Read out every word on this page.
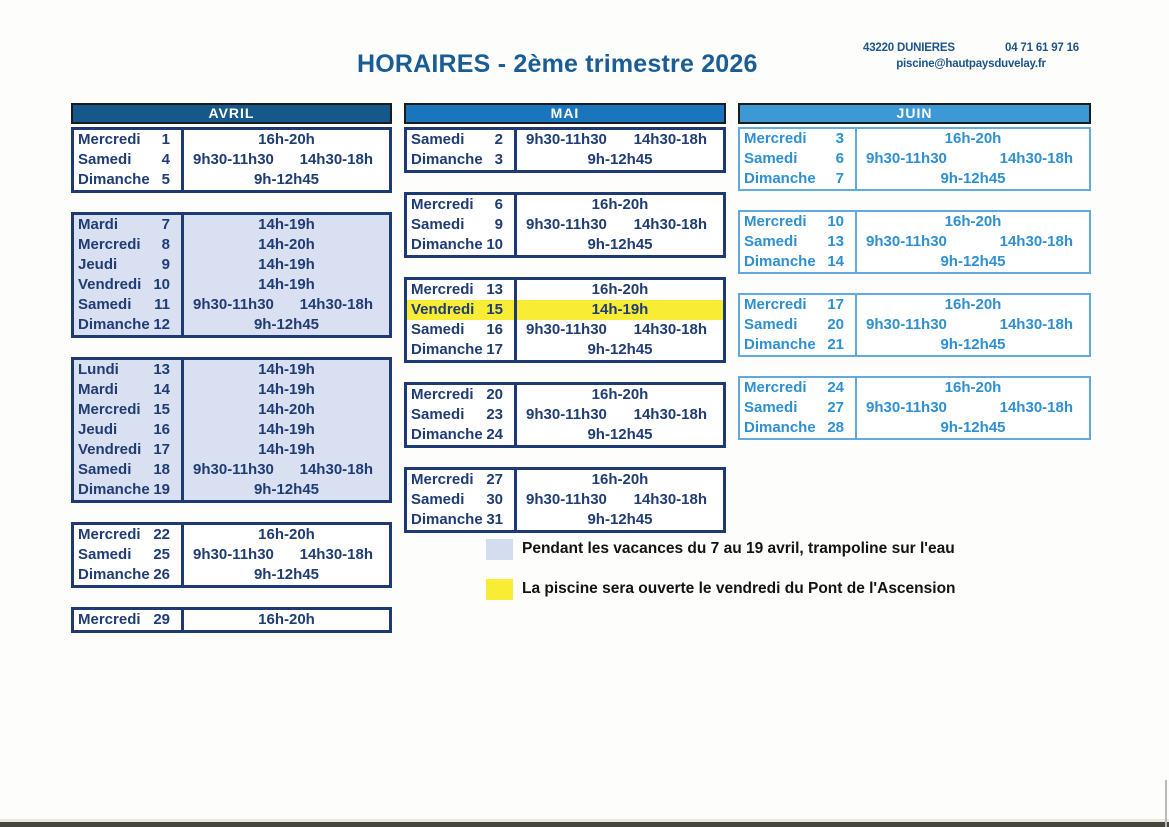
HORAIRES - 2ème trimestre 2026
43220 DUNIERES	04 71 61 97 16
piscine@hautpaysduvelay.fr
AVRIL
Mercredi 1	16h-20h
Samedi 4 9h30-11h30 14h30-18h
Dimanche 5	9h-12h45
Mardi	7	14h-19h
Mercredi 8	14h-20h
Jeudi	9	14h-19h
Vendredi 10	14h-19h
Samedi 11 9h30-11h30 14h30-18h
Dimanche 12	9h-12h45
Lundi 13	14h-19h
Mardi 14	14h-19h
Mercredi 15	14h-20h
Jeudi 16	14h-19h
Vendredi 17	14h-19h
Samedi 18 9h30-11h30 14h30-18h
Dimanche 19	9h-12h45
Mercredi 22	16h-20h
Samedi 25 9h30-11h30 14h30-18h
Dimanche 26	9h-12h45
Mercredi 29	16h-20h
MAI
Samedi 2 9h30-11h30 14h30-18h
Dimanche 3	9h-12h45
Mercredi 6	16h-20h
Samedi 9 9h30-11h30 14h30-18h
Dimanche 10	9h-12h45
Mercredi 13	16h-20h
Vendredi 15	14h-19h
Samedi 16 9h30-11h30 14h30-18h
Dimanche 17	9h-12h45
Mercredi 20	16h-20h
Samedi 23 9h30-11h30 14h30-18h
Dimanche 24	9h-12h45
Mercredi 27	16h-20h
Samedi 30 9h30-11h30 14h30-18h
Dimanche 31	9h-12h45
JUIN
Mercredi 3	16h-20h
Samedi	6 9h30-11h30	14h30-18h
Dimanche 7	9h-12h45
Mercredi 10	16h-20h
Samedi 13 9h30-11h30	14h30-18h
Dimanche 14	9h-12h45
Mercredi 17	16h-20h
Samedi 20 9h30-11h30	14h30-18h
Dimanche 21	9h-12h45
Mercredi 24	16h-20h
Samedi 27 9h30-11h30	14h30-18h
Dimanche 28	9h-12h45
Pendant les vacances du 7 au 19 avril, trampoline sur l'eau
La piscine sera ouverte le vendredi du Pont de l'Ascension
